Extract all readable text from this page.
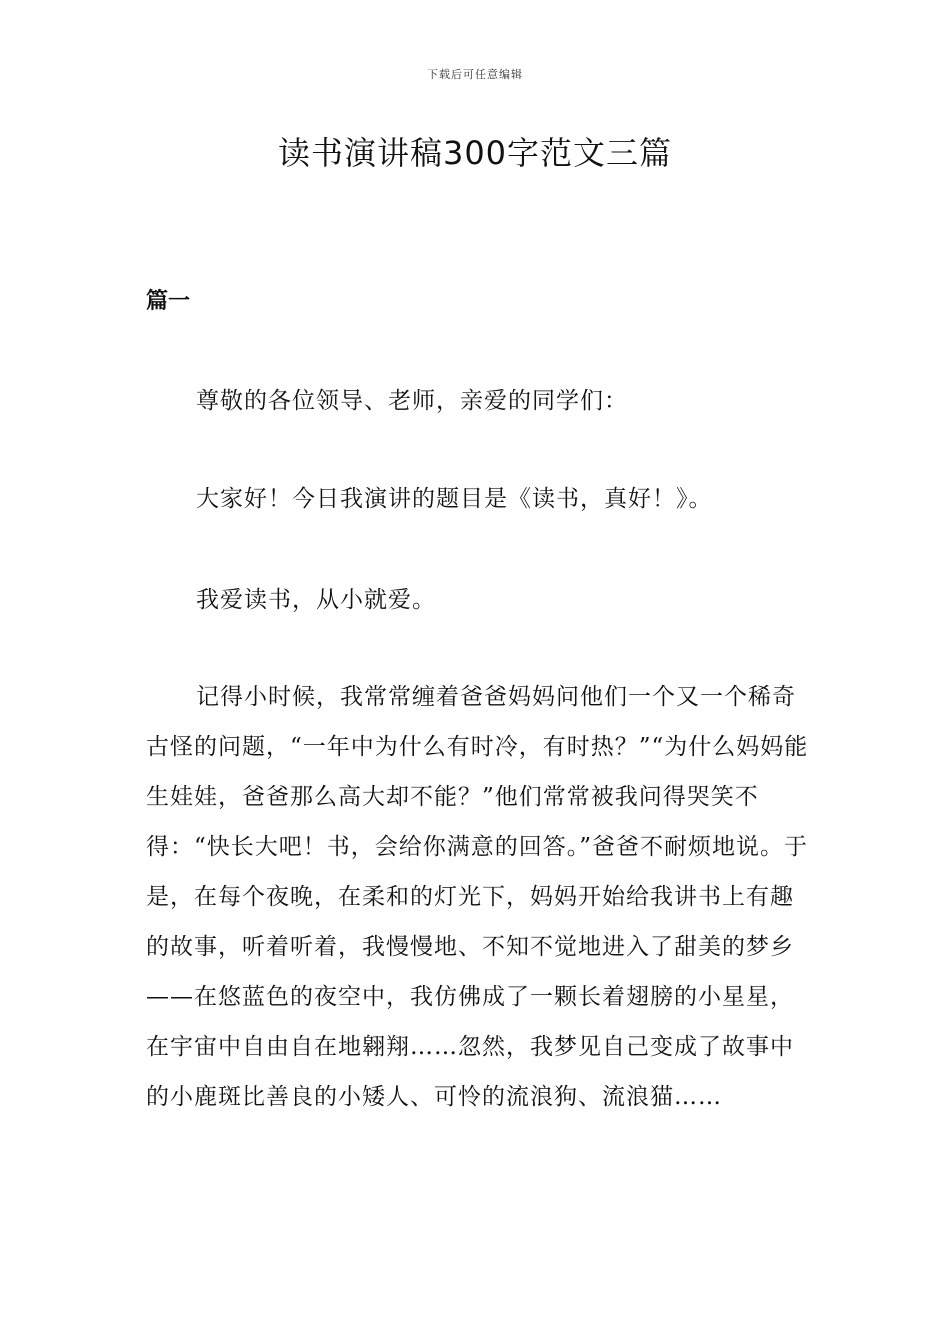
下载后可任意编辑
读书演讲稿300字范文三篇
篇一

尊敬的各位领导、老师，亲爱的同学们：

大家好！今日我演讲的题目是《读书，真好！》。

我爱读书，从小就爱。

记得小时候，我常常缠着爸爸妈妈问他们一个又一个稀奇古怪的问题，“一年中为什么有时冷，有时热？”“为什么妈妈能生娃娃，爸爸那么高大却不能？”他们常常被我问得哭笑不得：“快长大吧！书，会给你满意的回答。”爸爸不耐烦地说。于是，在每个夜晚，在柔和的灯光下，妈妈开始给我讲书上有趣的故事，听着听着，我慢慢地、不知不觉地进入了甜美的梦乡——在悠蓝色的夜空中，我仿佛成了一颗长着翅膀的小星星，在宇宙中自由自在地翱翔……忽然，我梦见自己变成了故事中的小鹿斑比善良的小矮人、可怜的流浪狗、流浪猫……
